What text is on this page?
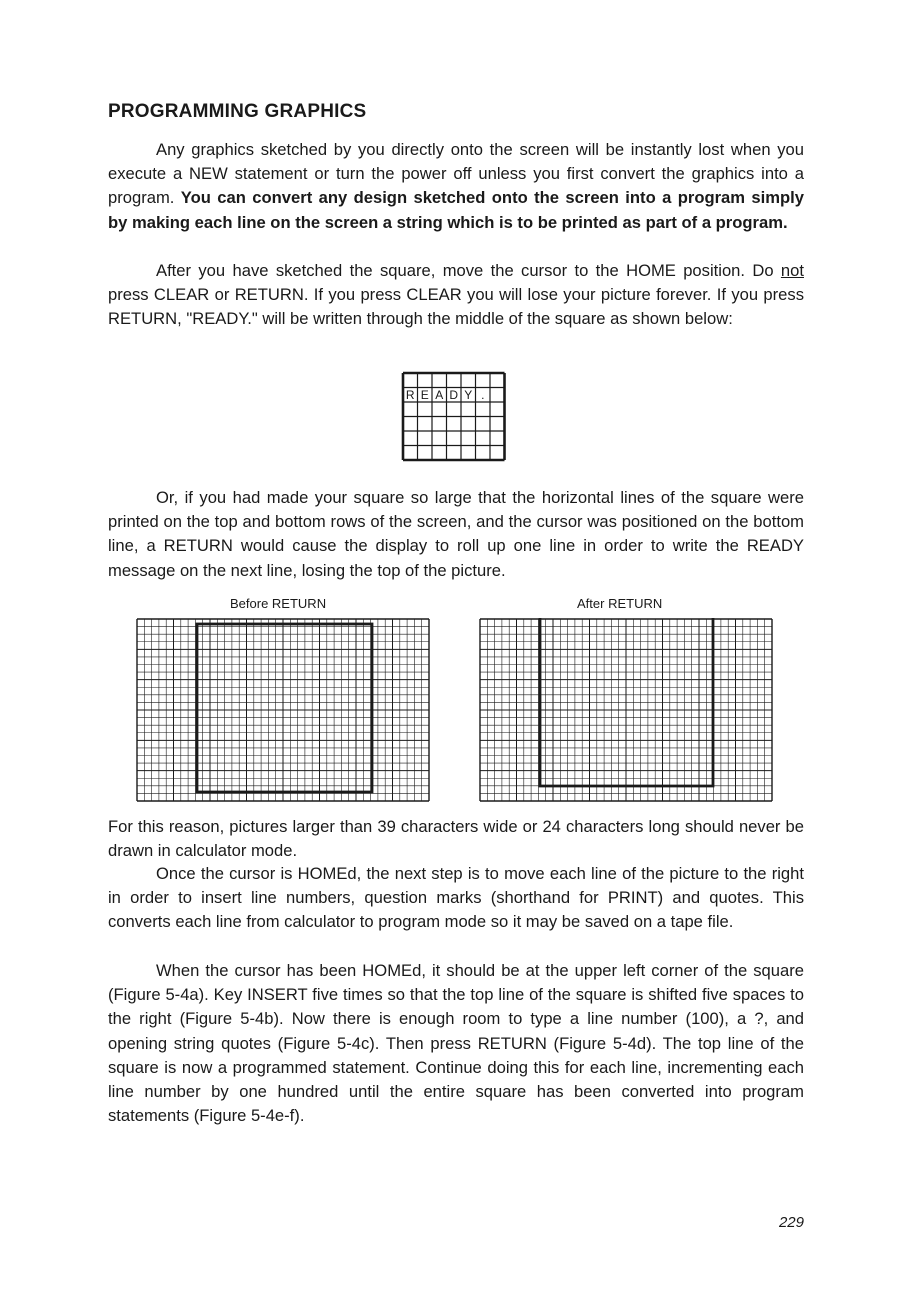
PROGRAMMING GRAPHICS

Any graphics sketched by you directly onto the screen will be instantly lost when you execute a NEW statement or turn the power off unless you first convert the graphics into a program. You can convert any design sketched onto the screen into a program simply by making each line on the screen a string which is to be printed as part of a program.

After you have sketched the square, move the cursor to the HOME position. Do not press CLEAR or RETURN. If you press CLEAR you will lose your picture forever. If you press RETURN, "READY." will be written through the middle of the square as shown below:

R E A D Y .

Or, if you had made your square so large that the horizontal lines of the square were printed on the top and bottom rows of the screen, and the cursor was positioned on the bottom line, a RETURN would cause the display to roll up one line in order to write the READY message on the next line, losing the top of the picture.

Before RETURN	After RETURN

For this reason, pictures larger than 39 characters wide or 24 characters long should never be drawn in calculator mode.

Once the cursor is HOMEd, the next step is to move each line of the picture to the right in order to insert line numbers, question marks (shorthand for PRINT) and quotes. This converts each line from calculator to program mode so it may be saved on a tape file.

When the cursor has been HOMEd, it should be at the upper left corner of the square (Figure 5-4a). Key INSERT five times so that the top line of the square is shifted five spaces to the right (Figure 5-4b). Now there is enough room to type a line number (100), a ?, and opening string quotes (Figure 5-4c). Then press RETURN (Figure 5-4d). The top line of the square is now a programmed statement. Continue doing this for each line, incrementing each line number by one hundred until the entire square has been converted into program statements (Figure 5-4e-f).

229
